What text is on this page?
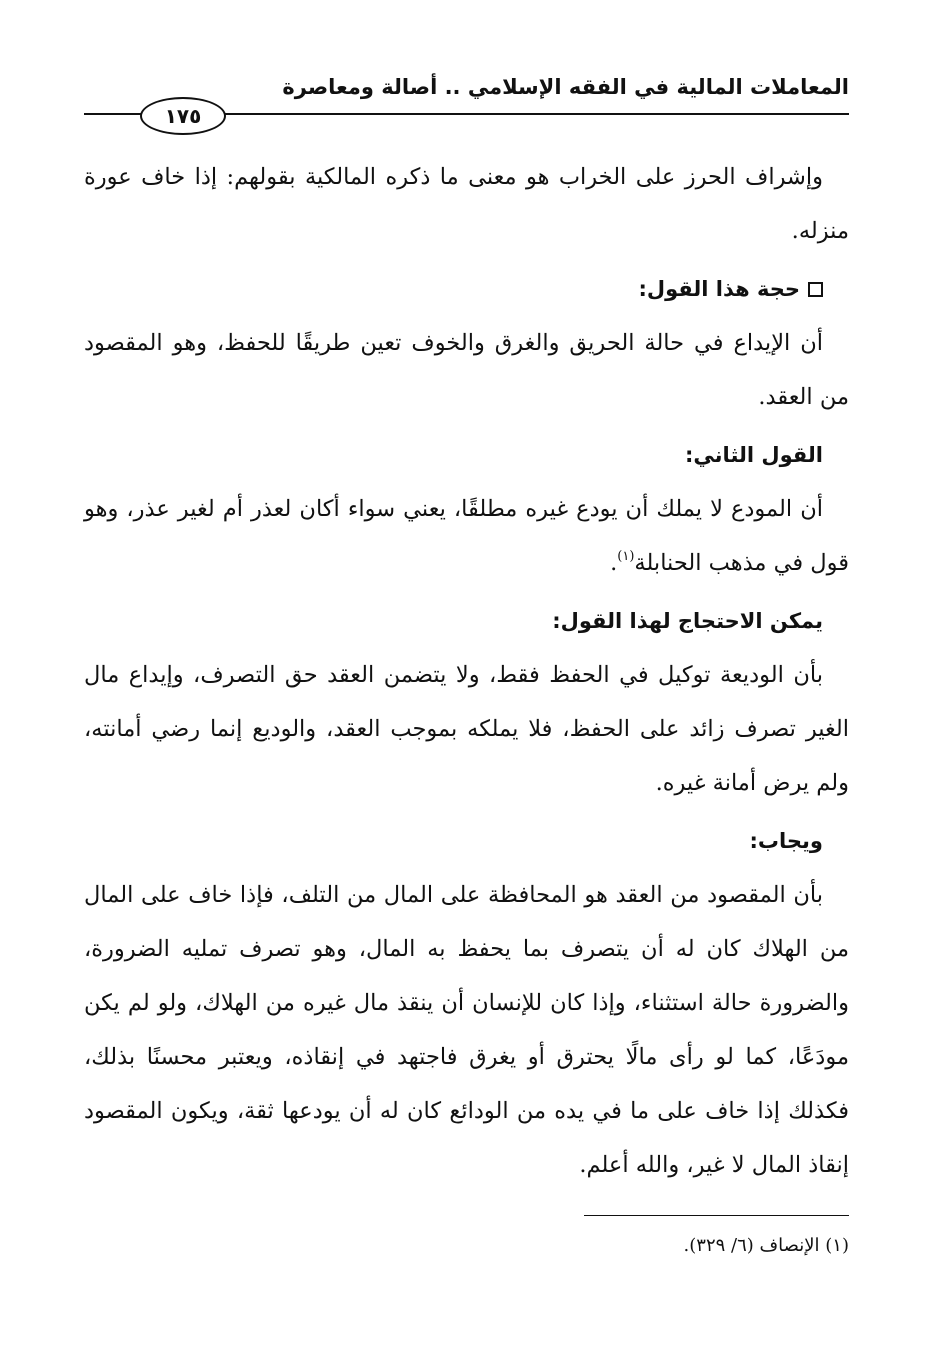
المعاملات المالية في الفقه الإسلامي .. أصالة ومعاصرة
١٧٥

وإشراف الحرز على الخراب هو معنى ما ذكره المالكية بقولهم: إذا خاف عورة منزله.

حجة هذا القول:

أن الإيداع في حالة الحريق والغرق والخوف تعين طريقًا للحفظ، وهو المقصود من العقد.

القول الثاني:

أن المودع لا يملك أن يودع غيره مطلقًا، يعني سواء أكان لعذر أم لغير عذر، وهو قول في مذهب الحنابلة$^{(١)}$.

يمكن الاحتجاج لهذا القول:

بأن الوديعة توكيل في الحفظ فقط، ولا يتضمن العقد حق التصرف، وإيداع مال الغير تصرف زائد على الحفظ، فلا يملكه بموجب العقد، والوديع إنما رضي أمانته، ولم يرض أمانة غيره.

ويجاب:

بأن المقصود من العقد هو المحافظة على المال من التلف، فإذا خاف على المال من الهلاك كان له أن يتصرف بما يحفظ به المال، وهو تصرف تمليه الضرورة، والضرورة حالة استثناء، وإذا كان للإنسان أن ينقذ مال غيره من الهلاك، ولو لم يكن مودَعًا، كما لو رأى مالًا يحترق أو يغرق فاجتهد في إنقاذه، ويعتبر محسنًا بذلك، فكذلك إذا خاف على ما في يده من الودائع كان له أن يودعها ثقة، ويكون المقصود إنقاذ المال لا غير، والله أعلم.

(١) الإنصاف (٦/ ٣٢٩).
